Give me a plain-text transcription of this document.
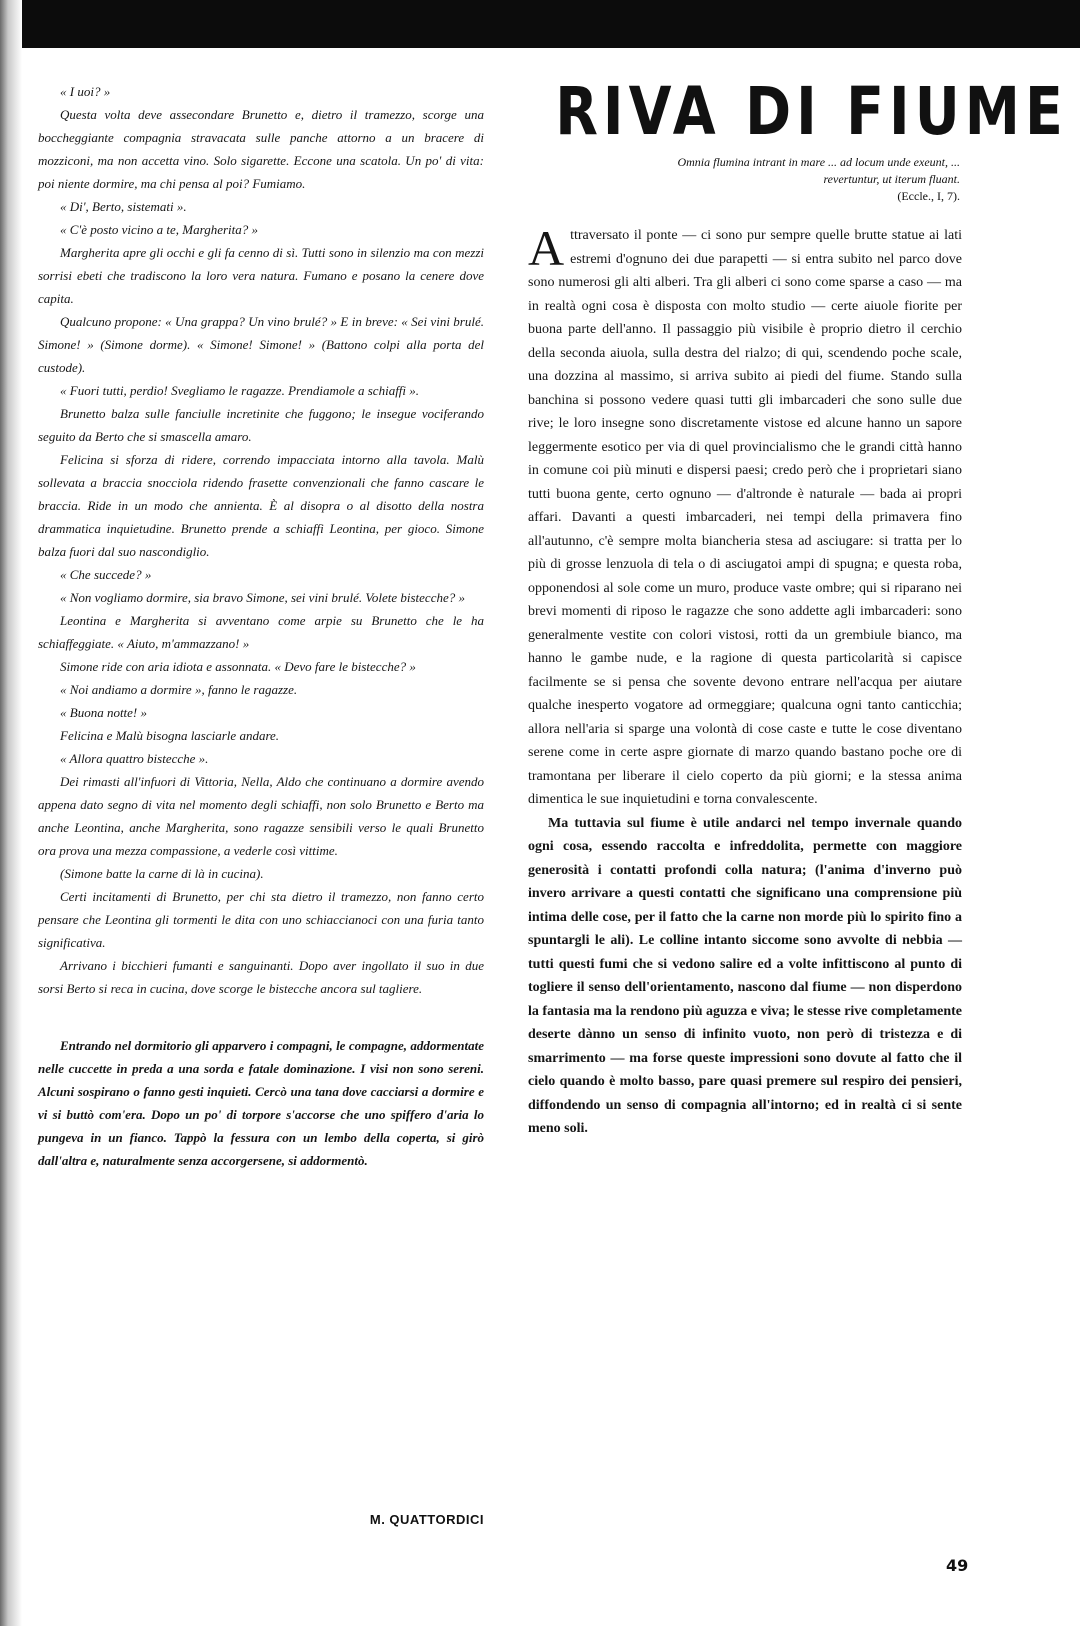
« I uoi? »

Questa volta deve assecondare Brunetto e, dietro il tramezzo, scorge una boccheggiante compagnia stravacata sulle panche attorno a un bracere di mozziconi, ma non accetta vino. Solo sigarette. Eccone una scatola. Un po' di vita: poi niente dormire, ma chi pensa al poi? Fumiamo.

« Di', Berto, sistemati ».

« C'è posto vicino a te, Margherita? »

Margherita apre gli occhi e gli fa cenno di sì. Tutti sono in silenzio ma con mezzi sorrisi ebeti che tradiscono la loro vera natura. Fumano e posano la cenere dove capita.

Qualcuno propone: « Una grappa? Un vino brulé? » E in breve: « Sei vini brulé. Simone! » (Simone dorme). « Simone! Simone! » (Battono colpi alla porta del custode).

« Fuori tutti, perdio! Svegliamo le ragazze. Prendiamole a schiaffi ».

Brunetto balza sulle fanciulle incretinite che fuggono; le insegue vociferando seguito da Berto che si smascella amaro.

Felicina si sforza di ridere, correndo impacciata intorno alla tavola. Malù sollevata a braccia snocciola ridendo frasette convenzionali che fanno cascare le braccia. Ride in un modo che annienta. È al disopra o al disotto della nostra drammatica inquietudine. Brunetto prende a schiaffi Leontina, per gioco. Simone balza fuori dal suo nascondiglio.

« Che succede? »

« Non vogliamo dormire, sia bravo Simone, sei vini brulé. Volete bistecche? »

Leontina e Margherita si avventano come arpie su Brunetto che le ha schiaffeggiate. « Aiuto, m'ammazzano! »

Simone ride con aria idiota e assonnata. « Devo fare le bistecche? »

« Noi andiamo a dormire », fanno le ragazze.

« Buona notte! »

Felicina e Malù bisogna lasciarle andare.

« Allora quattro bistecche ».

Dei rimasti all'infuori di Vittoria, Nella, Aldo che continuano a dormire avendo appena dato segno di vita nel momento degli schiaffi, non solo Brunetto e Berto ma anche Leontina, anche Margherita, sono ragazze sensibili verso le quali Brunetto ora prova una mezza compassione, a vederle così vittime.

(Simone batte la carne di là in cucina).

Certi incitamenti di Brunetto, per chi sta dietro il tramezzo, non fanno certo pensare che Leontina gli tormenti le dita con uno schiaccianoci con una furia tanto significativa.

Arrivano i bicchieri fumanti e sanguinanti. Dopo aver ingollato il suo in due sorsi Berto si reca in cucina, dove scorge le bistecche ancora sul tagliere.

Entrando nel dormitorio gli apparvero i compagni, le compagne, addormentate nelle cuccette in preda a una sorda e fatale dominazione. I visi non sono sereni. Alcuni sospirano o fanno gesti inquieti. Cercò una tana dove cacciarsi a dormire e vi si buttò com'era. Dopo un po' di torpore s'accorse che uno spiffero d'aria lo pungeva in un fianco. Tappò la fessura con un lembo della coperta, si girò dall'altra e, naturalmente senza accorgersene, si addormentò.

M. QUATTORDICI
RIVA DI FIUME
Omnia flumina intrant in mare ... ad locum unde exeunt, ... revertuntur, ut iterum fluant.
(Eccle., I, 7).

Attraversato il ponte — ci sono pur sempre quelle brutte statue ai lati estremi d'ognuno dei due parapetti — si entra subito nel parco dove sono numerosi gli alti alberi. Tra gli alberi ci sono come sparse a caso — ma in realtà ogni cosa è disposta con molto studio — certe aiuole fiorite per buona parte dell'anno. Il passaggio più visibile è proprio dietro il cerchio della seconda aiuola, sulla destra del rialzo; di qui, scendendo poche scale, una dozzina al massimo, si arriva subito ai piedi del fiume. Stando sulla banchina si possono vedere quasi tutti gli imbarcaderi che sono sulle due rive; le loro insegne sono discretamente vistose ed alcune hanno un sapore leggermente esotico per via di quel provincialismo che le grandi città hanno in comune coi più minuti e dispersi paesi; credo però che i proprietari siano tutti buona gente, certo ognuno — d'altronde è naturale — bada ai propri affari. Davanti a questi imbarcaderi, nei tempi della primavera fino all'autunno, c'è sempre molta biancheria stesa ad asciugare: si tratta per lo più di grosse lenzuola di tela o di asciugatoi ampi di spugna; e questa roba, opponendosi al sole come un muro, produce vaste ombre; qui si riparano nei brevi momenti di riposo le ragazze che sono addette agli imbarcaderi: sono generalmente vestite con colori vistosi, rotti da un grembiule bianco, ma hanno le gambe nude, e la ragione di questa particolarità si capisce facilmente se si pensa che sovente devono entrare nell'acqua per aiutare qualche inesperto vogatore ad ormeggiare; qualcuna ogni tanto canticchia; allora nell'aria si sparge una volontà di cose caste e tutte le cose diventano serene come in certe aspre giornate di marzo quando bastano poche ore di tramontana per liberare il cielo coperto da più giorni; e la stessa anima dimentica le sue inquietudini e torna convalescente.

Ma tuttavia sul fiume è utile andarci nel tempo invernale quando ogni cosa, essendo raccolta e infreddolita, permette con maggiore generosità i contatti profondi colla natura; (l'anima d'inverno può invero arrivare a questi contatti che significano una comprensione più intima delle cose, per il fatto che la carne non morde più lo spirito fino a spuntargli le ali). Le colline intanto siccome sono avvolte di nebbia — tutti questi fumi che si vedono salire ed a volte infittiscono al punto di togliere il senso dell'orientamento, nascono dal fiume — non disperdono la fantasia ma la rendono più aguzza e viva; le stesse rive completamente deserte dànno un senso di infinito vuoto, non però di tristezza e di smarrimento — ma forse queste impressioni sono dovute al fatto che il cielo quando è molto basso, pare quasi premere sul respiro dei pensieri, diffondendo un senso di compagnia all'intorno; ed in realtà ci si sente meno soli.

49
